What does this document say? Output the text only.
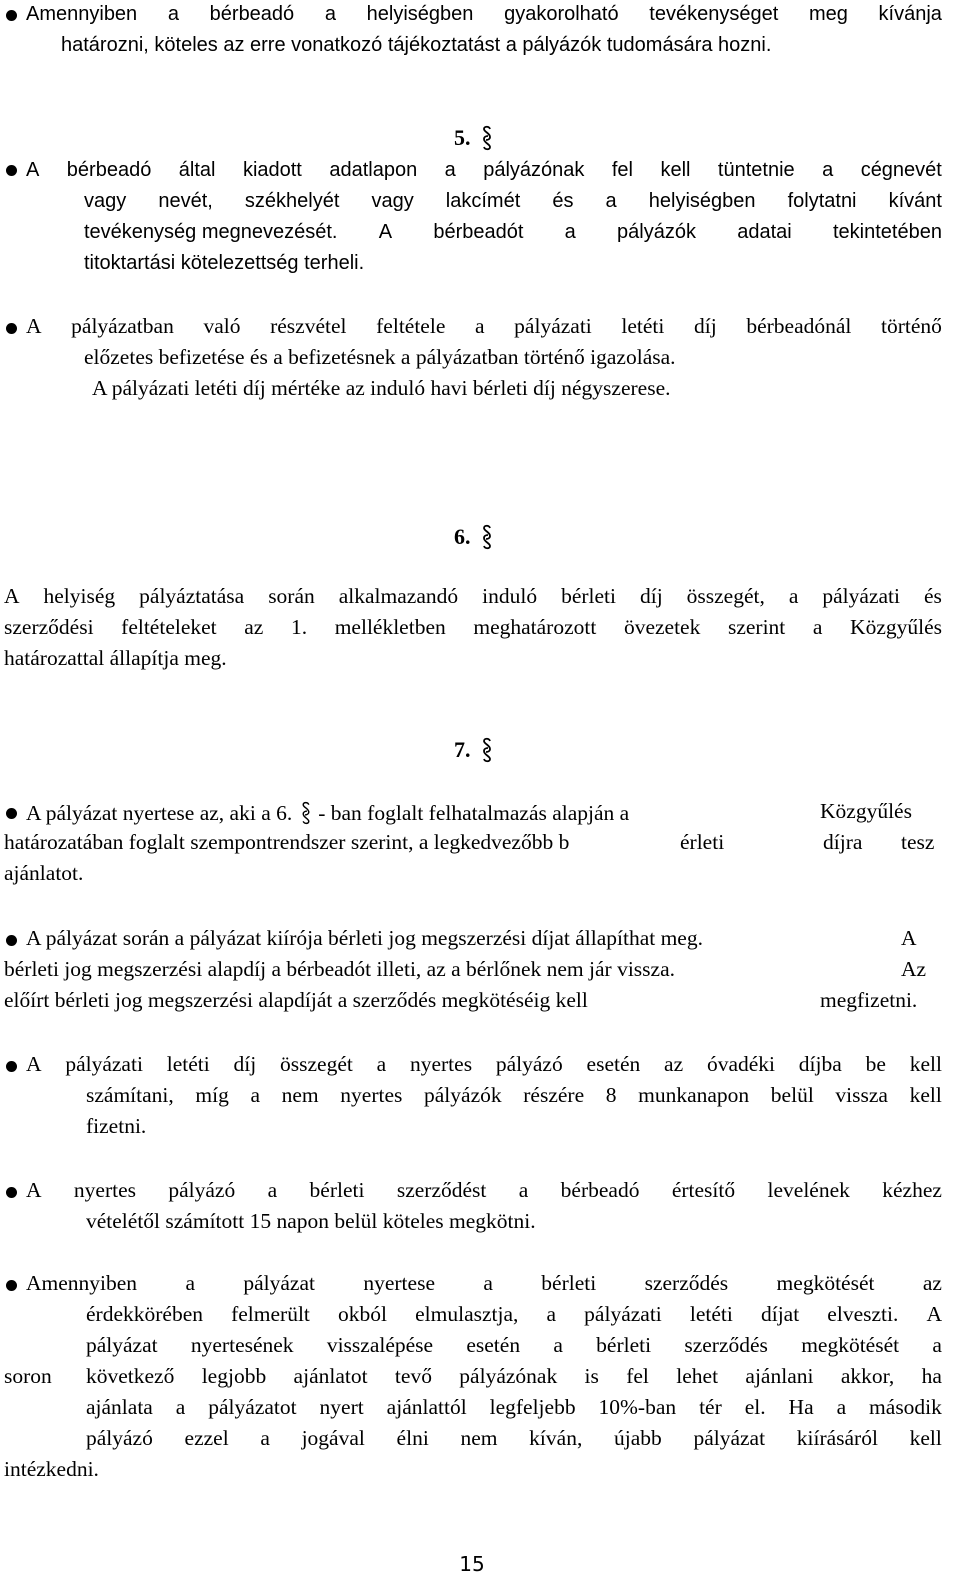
Amennyiben a bérbeadó a helyiségben gyakorolható tevékenységet meg kívánja
határozni, köteles az erre vonatkozó tájékoztatást a pályázók tudomására hozni.
5.
A bérbeadó által kiadott adatlapon a pályázónak fel kell tüntetnie a cégnevét
vagy nevét, székhelyét vagy lakcímét és a helyiségben folytatni kívánt
tevékenység megnevezését. A bérbeadót a pályázók adatai tekintetében
titoktartási kötelezettség terheli.
A pályázatban való részvétel feltétele a pályázati letéti díj bérbeadónál történő
előzetes befizetése és a befizetésnek a pályázatban történő igazolása.
A pályázati letéti díj mértéke az induló havi bérleti díj négyszerese.
6.
A helyiség pályáztatása során alkalmazandó induló bérleti díj összegét, a pályázati és
szerződési feltételeket az 1. mellékletben meghatározott övezetek szerint a Közgyűlés
határozattal állapítja meg.
7.
A pályázat nyertese az, aki a 6. - ban foglalt felhatalmazás alapján a	Közgyűlés
határozatában foglalt szempontrendszer szerint, a legkedvezőbb b	érleti	díjra tesz
ajánlatot.
A pályázat során a pályázat kiírója bérleti jog megszerzési díjat állapíthat meg.	A
bérleti jog megszerzési alapdíj a bérbeadót illeti, az a bérlőnek nem jár vissza.	Az
előírt bérleti jog megszerzési alapdíját a szerződés megkötéséig kell	megfizetni.
A pályázati letéti díj összegét a nyertes pályázó esetén az óvadéki díjba be kell
számítani, míg a nem nyertes pályázók részére 8 munkanapon belül vissza kell
fizetni.
A nyertes pályázó a bérleti szerződést a bérbeadó értesítő levelének kézhez
vételétől számított 15 napon belül köteles megkötni.
Amennyiben a pályázat nyertese a bérleti szerződés megkötését az
érdekkörében felmerült okból elmulasztja, a pályázati letéti díjat elveszti. A
pályázat nyertesének visszalépése esetén a bérleti szerződés megkötését a
soron következő legjobb ajánlatot tevő pályázónak is fel lehet ajánlani akkor, ha
ajánlata a pályázatot nyert ajánlattól legfeljebb 10%-ban tér el. Ha a második
pályázó ezzel a jogával élni nem kíván, újabb pályázat kiírásáról kell
intézkedni.
15
